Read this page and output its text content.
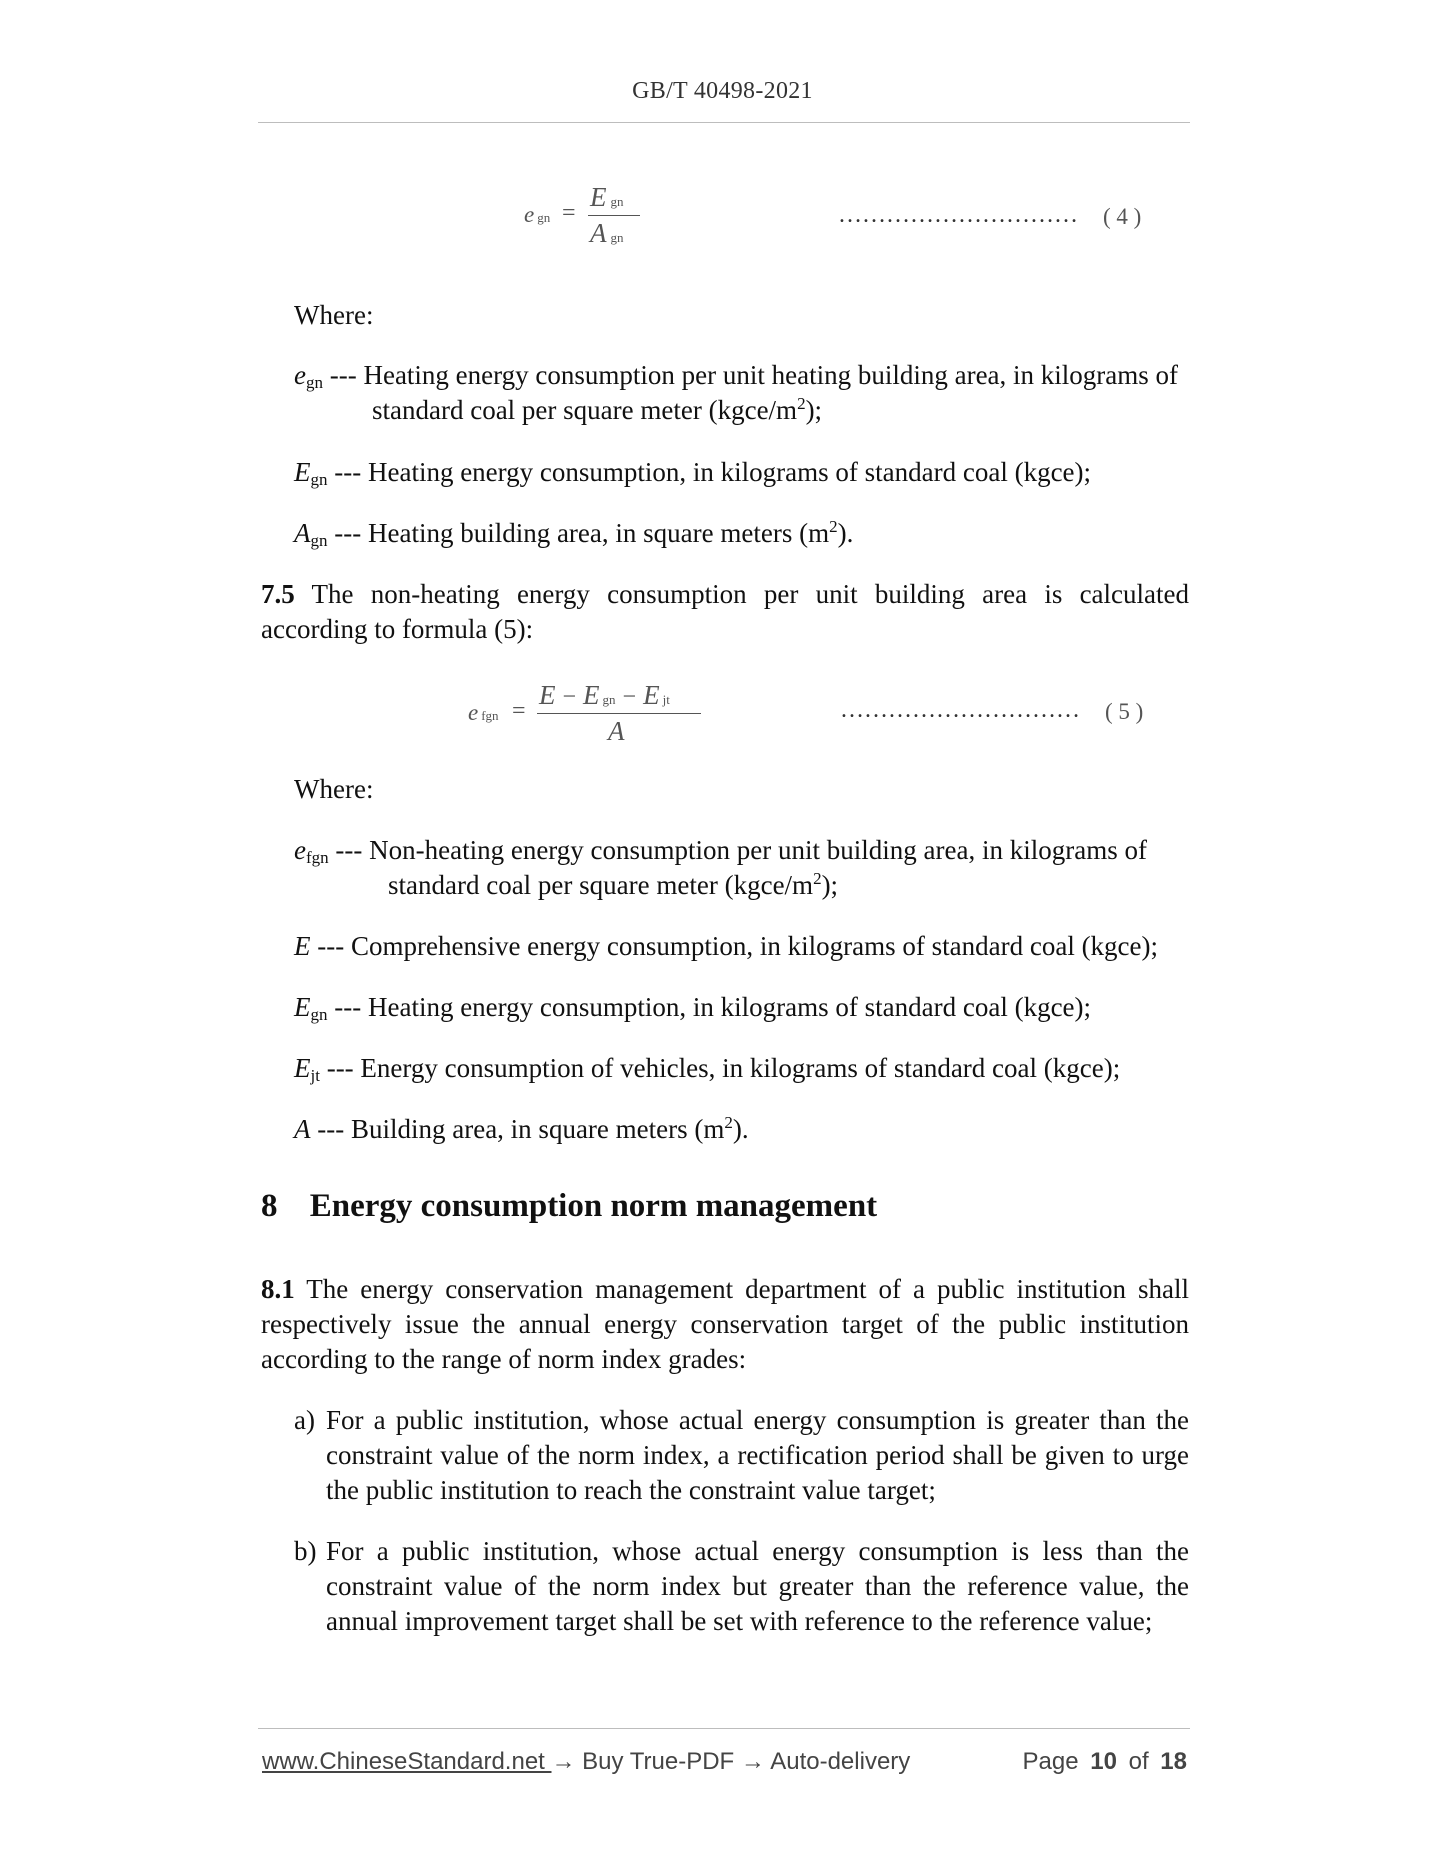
GB/T 40498-2021
egn =
Egn
Agn
………………………… ( 4 )
Where:
$e_{gn}$ --- Heating energy consumption per unit heating building area, in kilograms of
standard coal per square meter $(kgce/m^2)$;
$E_{gn}$ --- Heating energy consumption, in kilograms of standard coal (kgce);
$A_{gn}$ --- Heating building area, in square meters $(m^2)$.
7.5 The non-heating energy consumption per unit building area is calculated according to formula (5):
efgn =
E − E gn − E jt
A
………………………… ( 5 )
Where:
$e_{fgn}$ --- Non-heating energy consumption per unit building area, in kilograms of
standard coal per square meter $(kgce/m^2)$;
E --- Comprehensive energy consumption, in kilograms of standard coal (kgce);
$E_{gn}$ --- Heating energy consumption, in kilograms of standard coal (kgce);
$E_{jt}$ --- Energy consumption of vehicles, in kilograms of standard coal (kgce);
A --- Building area, in square meters $(m^2)$.
8 Energy consumption norm management
8.1 The energy conservation management department of a public institution shall respectively issue the annual energy conservation target of the public institution according to the range of norm index grades:
a) For a public institution, whose actual energy consumption is greater than the constraint value of the norm index, a rectification period shall be given to urge the public institution to reach the constraint value target;
b) For a public institution, whose actual energy consumption is less than the constraint value of the norm index but greater than the reference value, the annual improvement target shall be set with reference to the reference value;
www.ChineseStandard.net → Buy True-PDF → Auto-delivery	Page 10 of 18
